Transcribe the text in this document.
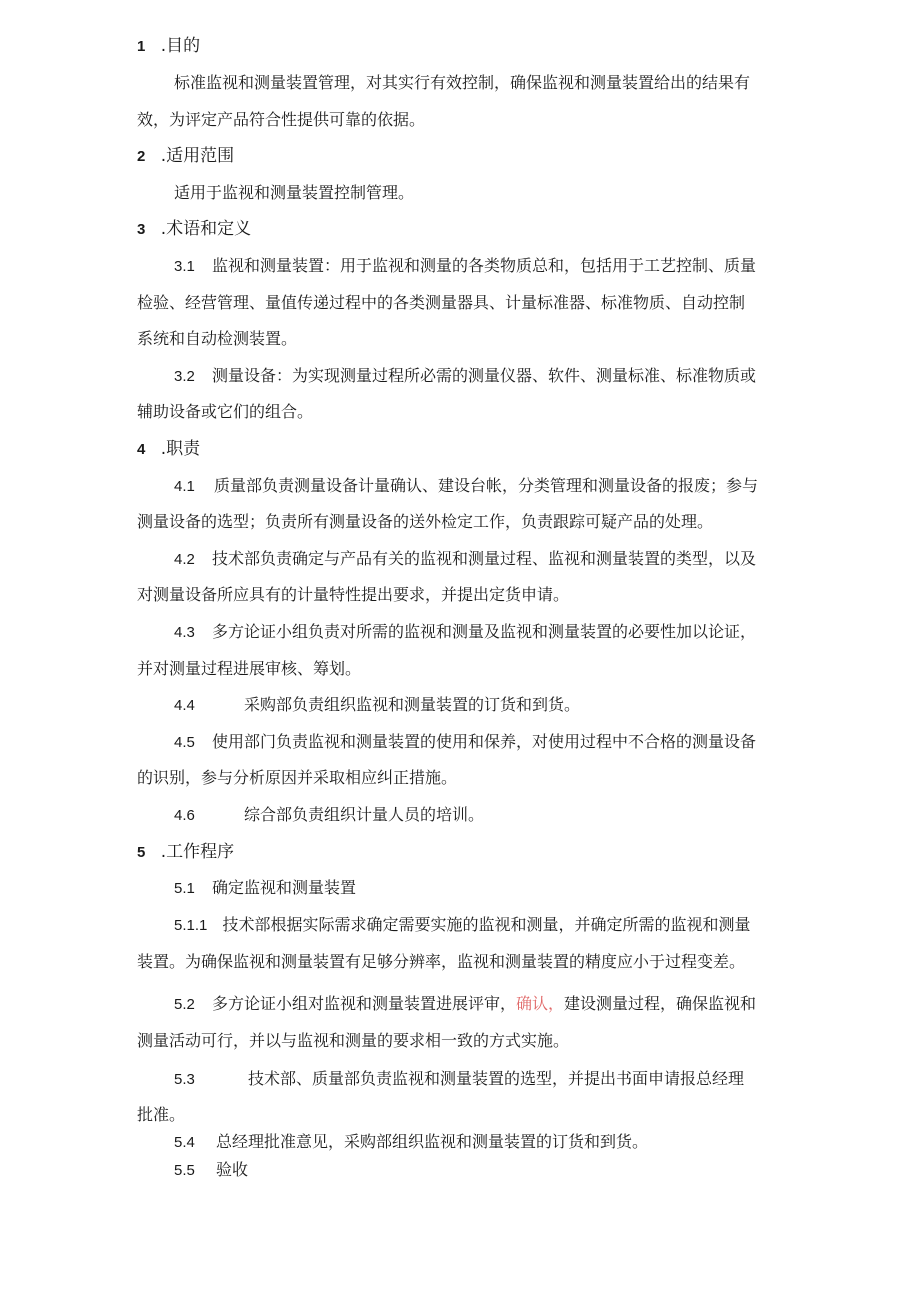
1 .目的
标准监视和测量装置管理，对其实行有效控制，确保监视和测量装置给出的结果有
效，为评定产品符合性提供可靠的依据。
2 .适用范围
适用于监视和测量装置控制管理。
3 .术语和定义
3.1 监视和测量装置：用于监视和测量的各类物质总和，包括用于工艺控制、质量
检验、经营管理、量值传递过程中的各类测量器具、计量标准器、标准物质、自动控制
系统和自动检测装置。
3.2 测量设备：为实现测量过程所必需的测量仪器、软件、测量标准、标准物质或
辅助设备或它们的组合。
4 .职责
4.1 质量部负责测量设备计量确认、建设台帐，分类管理和测量设备的报废；参与
测量设备的选型；负责所有测量设备的送外检定工作，负责跟踪可疑产品的处理。
4.2 技术部负责确定与产品有关的监视和测量过程、监视和测量装置的类型，以及
对测量设备所应具有的计量特性提出要求，并提出定货申请。
4.3 多方论证小组负责对所需的监视和测量及监视和测量装置的必要性加以论证，
并对测量过程进展审核、筹划。
4.4	采购部负责组织监视和测量装置的订货和到货。
4.5 使用部门负责监视和测量装置的使用和保养，对使用过程中不合格的测量设备
的识别，参与分析原因并采取相应纠正措施。
4.6	综合部负责组织计量人员的培训。
5 .工作程序
5.1 确定监视和测量装置
5.1.1 技术部根据实际需求确定需要实施的监视和测量，并确定所需的监视和测量
装置。为确保监视和测量装置有足够分辨率，监视和测量装置的精度应小于过程变差。
5.2 多方论证小组对监视和测量装置进展评审，确认，建设测量过程，确保监视和
测量活动可行，并以与监视和测量的要求相一致的方式实施。
5.3	技术部、质量部负责监视和测量装置的选型，并提出书面申请报总经理
批准。
5.4 总经理批准意见，采购部组织监视和测量装置的订货和到货。
5.5 验收
